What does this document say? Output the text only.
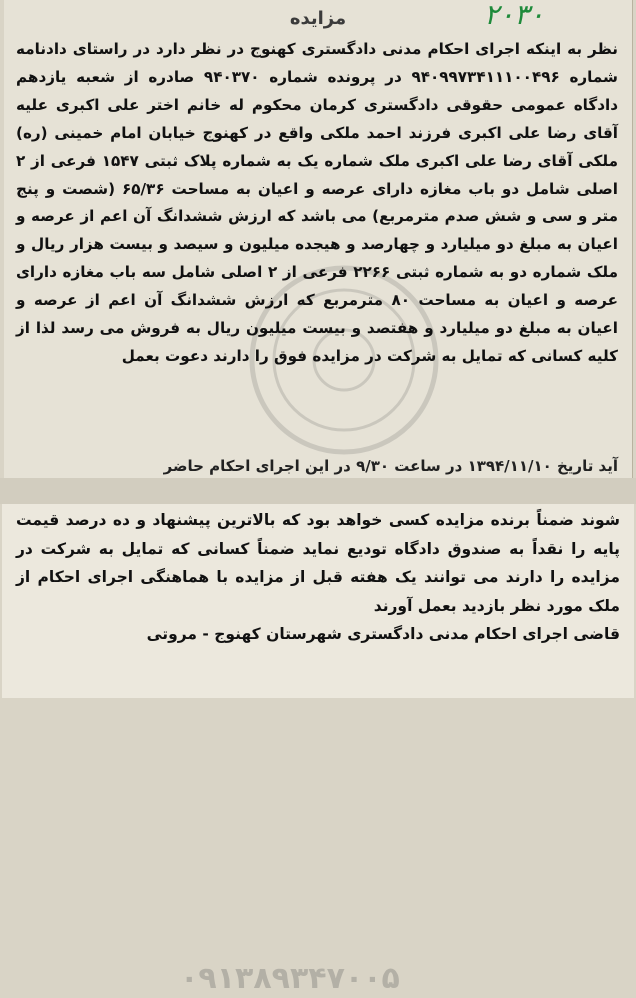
۲۰۳۰
مزایده
نظر به اینکه اجرای احکام مدنی دادگستری کهنوج در نظر دارد در راستای دادنامه شماره ۹۴۰۹۹۷۳۴۱۱۱۰۰۴۹۶ در پرونده شماره ۹۴۰۳۷۰ صادره از شعبه یازدهم دادگاه عمومی حقوقی دادگستری کرمان محکوم له خانم اختر علی اکبری علیه آقای رضا علی اکبری فرزند احمد ملکی واقع در کهنوج خیابان امام خمینی (ره) ملکی آقای رضا علی اکبری ملک شماره یک به شماره پلاک ثبتی ۱۵۴۷ فرعی از ۲ اصلی شامل دو باب مغازه دارای عرصه و اعیان به مساحت ۶۵/۳۶ (شصت و پنج متر و سی و شش صدم مترمربع) می باشد که ارزش ششدانگ آن اعم از عرصه و اعیان به مبلغ دو میلیارد و چهارصد و هیجده میلیون و سیصد و بیست هزار ریال و ملک شماره دو به شماره ثبتی ۲۲۶۶ فرعی از ۲ اصلی شامل سه باب مغازه دارای عرصه و اعیان به مساحت ۸۰ مترمربع که ارزش ششدانگ آن اعم از عرصه و اعیان به مبلغ دو میلیارد و هفتصد و بیست میلیون ریال به فروش می رسد لذا از کلیه کسانی که تمایل به شرکت در مزایده فوق را دارند دعوت بعمل
آید تاریخ ۱۳۹۴/۱۱/۱۰ در ساعت ۹/۳۰ در این اجرای احکام حاضر
۰۹۱۳۸۹۳۴۷۰۰۵
شوند ضمناً برنده مزایده کسی خواهد بود که بالاترین پیشنهاد و ده درصد قیمت پایه را نقداً به صندوق دادگاه تودیع نماید ضمناً کسانی که تمایل به شرکت در مزایده را دارند می توانند یک هفته قبل از مزایده با هماهنگی اجرای احکام از ملک مورد نظر بازدید بعمل آورند
قاضی اجرای احکام مدنی دادگستری شهرستان کهنوج - مروتی
